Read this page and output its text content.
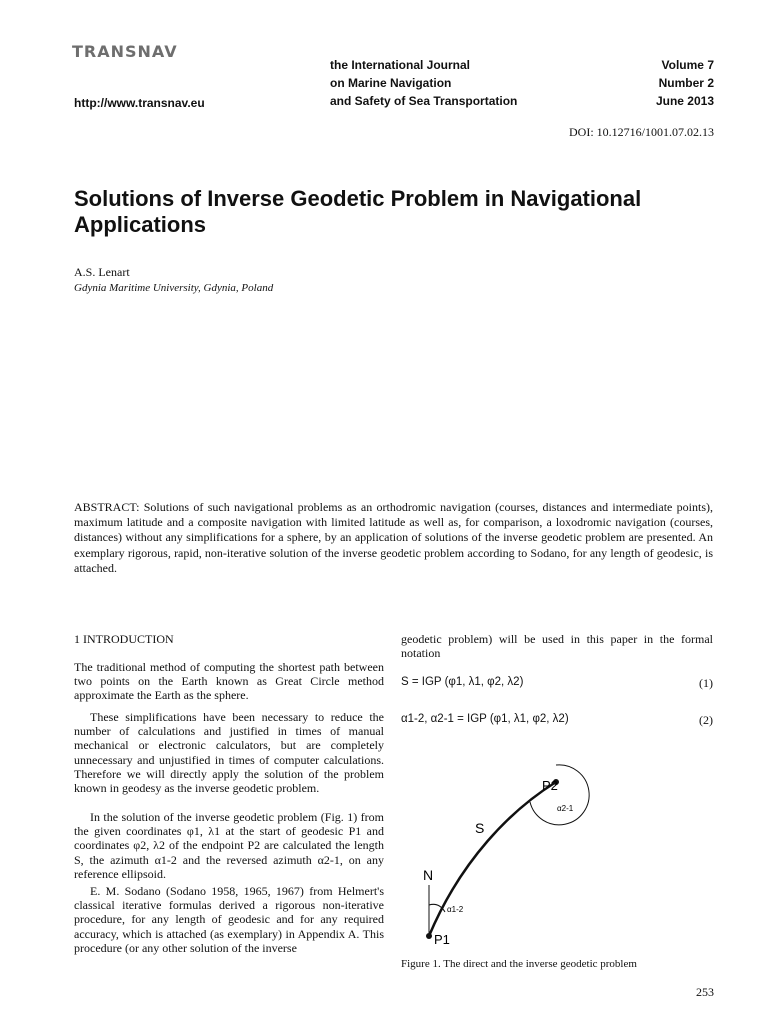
TRANSNAV
http://www.transnav.eu
the International Journal
on Marine Navigation
and Safety of Sea Transportation
Volume 7
Number 2
June 2013
DOI: 10.12716/1001.07.02.13
Solutions of Inverse Geodetic Problem in Navigational Applications
A.S. Lenart
Gdynia Maritime University, Gdynia, Poland
ABSTRACT: Solutions of such navigational problems as an orthodromic navigation (courses, distances and intermediate points), maximum latitude and a composite navigation with limited latitude as well as, for comparison, a loxodromic navigation (courses, distances) without any simplifications for a sphere, by an application of solutions of the inverse geodetic problem are presented. An exemplary rigorous, rapid, non-iterative solution of the inverse geodetic problem according to Sodano, for any length of geodesic, is attached.
1 INTRODUCTION
The traditional method of computing the shortest path between two points on the Earth known as Great Circle method approximate the Earth as the sphere.
These simplifications have been necessary to reduce the number of calculations and justified in times of manual mechanical or electronic calculators, but are completely unnecessary and unjustified in times of computer calculations. Therefore we will directly apply the solution of the problem known in geodesy as the inverse geodetic problem.
In the solution of the inverse geodetic problem (Fig. 1) from the given coordinates φ1, λ1 at the start of geodesic P1 and coordinates φ2, λ2 of the endpoint P2 are calculated the length S, the azimuth α1-2 and the reversed azimuth α2-1, on any reference ellipsoid.
E. M. Sodano (Sodano 1958, 1965, 1967) from Helmert's classical iterative formulas derived a rigorous non-iterative procedure, for any length of geodesic and for any required accuracy, which is attached (as exemplary) in Appendix A. This procedure (or any other solution of the inverse
geodetic problem) will be used in this paper in the formal notation
S = IGP (φ1, λ1, φ2, λ2)	(1)
α1-2, α2-1 = IGP (φ1, λ1, φ2, λ2)	(2)
.
P2
α2-1
S
N
α1-2
P1
Figure 1. The direct and the inverse geodetic problem
253
